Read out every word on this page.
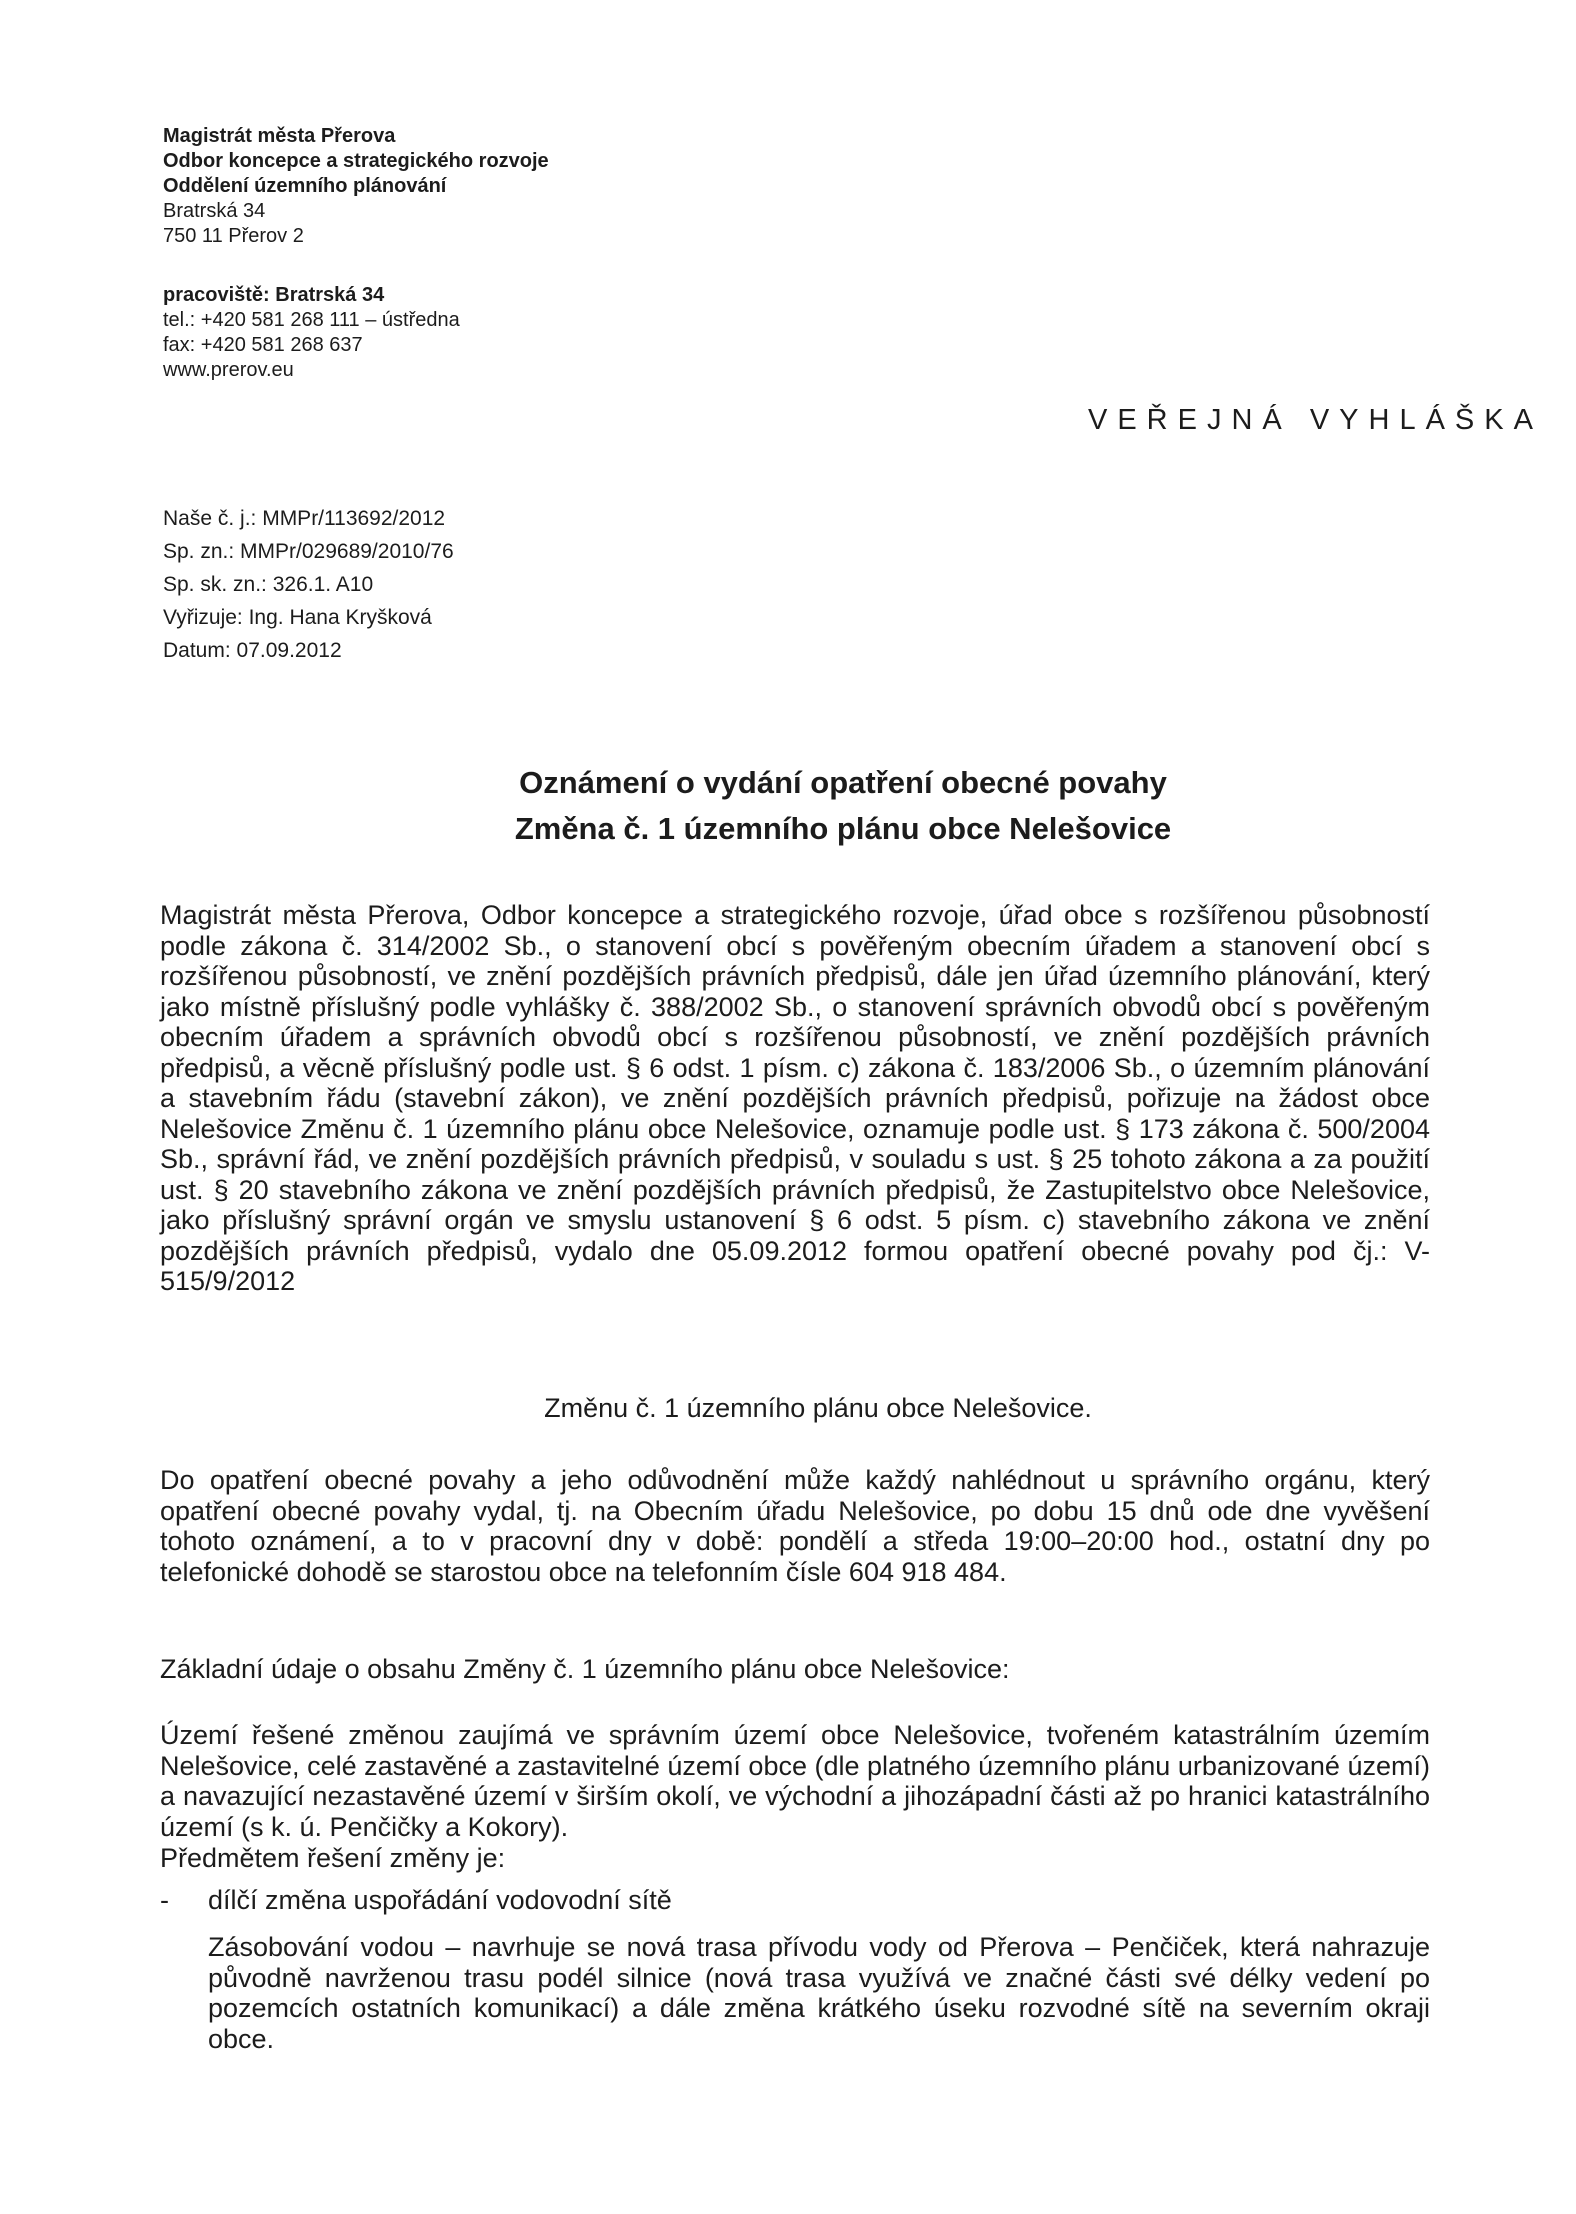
Magistrát města Přerova
Odbor koncepce a strategického rozvoje
Oddělení územního plánování
Bratrská 34
750 11 Přerov 2
pracoviště: Bratrská 34
tel.: +420 581 268 111 – ústředna
fax: +420 581 268 637
www.prerov.eu
VEŘEJNÁ VYHLÁŠKA
Naše č. j.: MMPr/113692/2012
Sp. zn.: MMPr/029689/2010/76
Sp. sk. zn.: 326.1. A10
Vyřizuje: Ing. Hana Kryšková
Datum: 07.09.2012
Oznámení o vydání opatření obecné povahy
Změna č. 1 územního plánu obce Nelešovice
Magistrát města Přerova, Odbor koncepce a strategického rozvoje, úřad obce s rozšířenou působností podle zákona č. 314/2002 Sb., o stanovení obcí s pověřeným obecním úřadem a stanovení obcí s rozšířenou působností, ve znění pozdějších právních předpisů, dále jen úřad územního plánování, který jako místně příslušný podle vyhlášky č. 388/2002 Sb., o stanovení správních obvodů obcí s pověřeným obecním úřadem a správních obvodů obcí s rozšířenou působností, ve znění pozdějších právních předpisů, a věcně příslušný podle ust. § 6 odst. 1 písm. c) zákona č. 183/2006 Sb., o územním plánování a stavebním řádu (stavební zákon), ve znění pozdějších právních předpisů, pořizuje na žádost obce Nelešovice Změnu č. 1 územního plánu obce Nelešovice, oznamuje podle ust. § 173 zákona č. 500/2004 Sb., správní řád, ve znění pozdějších právních předpisů, v souladu s ust. § 25 tohoto zákona a za použití ust. § 20 stavebního zákona ve znění pozdějších právních předpisů, že Zastupitelstvo obce Nelešovice, jako příslušný správní orgán ve smyslu ustanovení § 6 odst. 5 písm. c) stavebního zákona ve znění pozdějších právních předpisů, vydalo dne 05.09.2012 formou opatření obecné povahy pod čj.: V-515/9/2012
Změnu č. 1 územního plánu obce Nelešovice.
Do opatření obecné povahy a jeho odůvodnění může každý nahlédnout u správního orgánu, který opatření obecné povahy vydal, tj. na Obecním úřadu Nelešovice, po dobu 15 dnů ode dne vyvěšení tohoto oznámení, a to v pracovní dny v době: pondělí a středa 19:00–20:00 hod., ostatní dny po telefonické dohodě se starostou obce na telefonním čísle 604 918 484.
Základní údaje o obsahu Změny č. 1 územního plánu obce Nelešovice:
Území řešené změnou zaujímá ve správním území obce Nelešovice, tvořeném katastrálním územím Nelešovice, celé zastavěné a zastavitelné území obce (dle platného územního plánu urbanizované území) a navazující nezastavěné území v širším okolí, ve východní a jihozápadní části až po hranici katastrálního území (s k. ú. Penčičky a Kokory).
Předmětem řešení změny je:
- dílčí změna uspořádání vodovodní sítě
Zásobování vodou – navrhuje se nová trasa přívodu vody od Přerova – Penčiček, která nahrazuje původně navrženou trasu podél silnice (nová trasa využívá ve značné části své délky vedení po pozemcích ostatních komunikací) a dále změna krátkého úseku rozvodné sítě na severním okraji obce.
